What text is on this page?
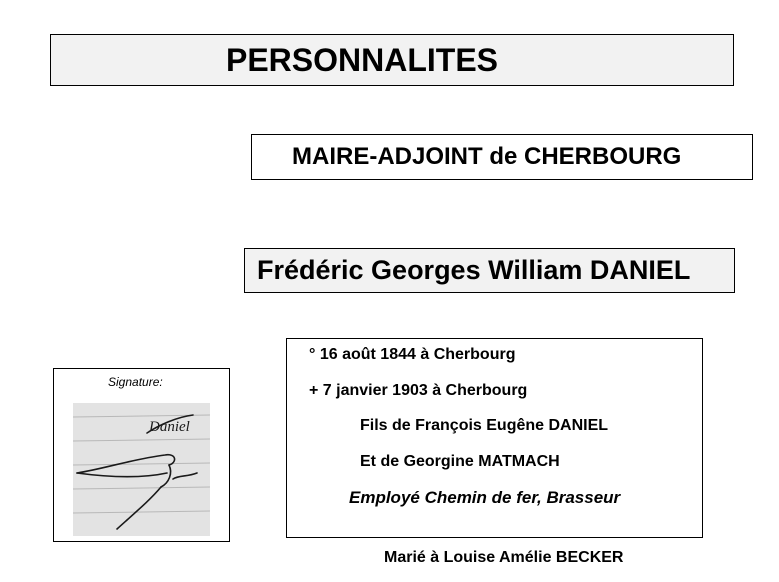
PERSONNALITES
MAIRE-ADJOINT de CHERBOURG
Frédéric Georges William DANIEL
Signature:
Daniel
° 16 août 1844 à Cherbourg
+ 7 janvier 1903 à Cherbourg
Fils de François Eugêne DANIEL
Et de Georgine MATMACH
Employé Chemin de fer, Brasseur
Marié à Louise Amélie BECKER
